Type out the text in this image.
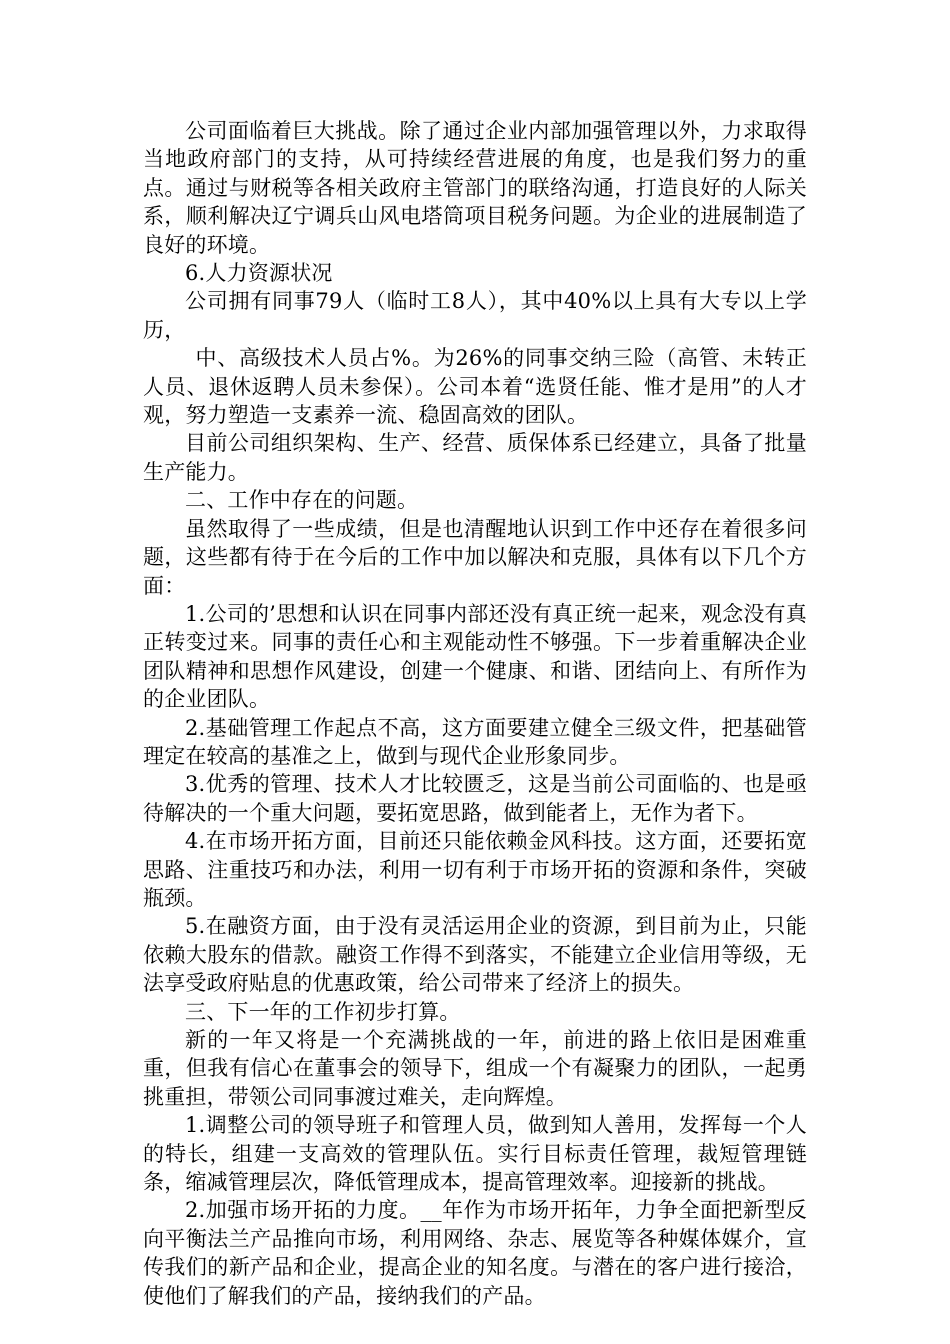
公司面临着巨大挑战。除了通过企业内部加强管理以外，力求取得当地政府部门的支持，从可持续经营进展的角度，也是我们努力的重点。通过与财税等各相关政府主管部门的联络沟通，打造良好的人际关系，顺利解决辽宁调兵山风电塔筒项目税务问题。为企业的进展制造了良好的环境。

6.人力资源状况

公司拥有同事79人（临时工8人），其中40%以上具有大专以上学历，

中、高级技术人员占%。为26%的同事交纳三险（高管、未转正人员、退休返聘人员未参保）。公司本着“选贤任能、惟才是用”的人才观，努力塑造一支素养一流、稳固高效的团队。

目前公司组织架构、生产、经营、质保体系已经建立，具备了批量生产能力。

二、工作中存在的问题。

虽然取得了一些成绩，但是也清醒地认识到工作中还存在着很多问题，这些都有待于在今后的工作中加以解决和克服，具体有以下几个方面：

1.公司的’思想和认识在同事内部还没有真正统一起来，观念没有真正转变过来。同事的责任心和主观能动性不够强。下一步着重解决企业团队精神和思想作风建设，创建一个健康、和谐、团结向上、有所作为的企业团队。

2.基础管理工作起点不高，这方面要建立健全三级文件，把基础管理定在较高的基准之上，做到与现代企业形象同步。

3.优秀的管理、技术人才比较匮乏，这是当前公司面临的、也是亟待解决的一个重大问题，要拓宽思路，做到能者上，无作为者下。

4.在市场开拓方面，目前还只能依赖金风科技。这方面，还要拓宽思路、注重技巧和办法，利用一切有利于市场开拓的资源和条件，突破瓶颈。

5.在融资方面，由于没有灵活运用企业的资源，到目前为止，只能依赖大股东的借款。融资工作得不到落实，不能建立企业信用等级，无法享受政府贴息的优惠政策，给公司带来了经济上的损失。

三、下一年的工作初步打算。

新的一年又将是一个充满挑战的一年，前进的路上依旧是困难重重，但我有信心在董事会的领导下，组成一个有凝聚力的团队，一起勇挑重担，带领公司同事渡过难关，走向辉煌。

1.调整公司的领导班子和管理人员，做到知人善用，发挥每一个人的特长，组建一支高效的管理队伍。实行目标责任管理，裁短管理链条，缩减管理层次，降低管理成本，提高管理效率。迎接新的挑战。

2.加强市场开拓的力度。__年作为市场开拓年，力争全面把新型反向平衡法兰产品推向市场，利用网络、杂志、展览等各种媒体媒介，宣传我们的新产品和企业，提高企业的知名度。与潜在的客户进行接洽，使他们了解我们的产品，接纳我们的产品。
